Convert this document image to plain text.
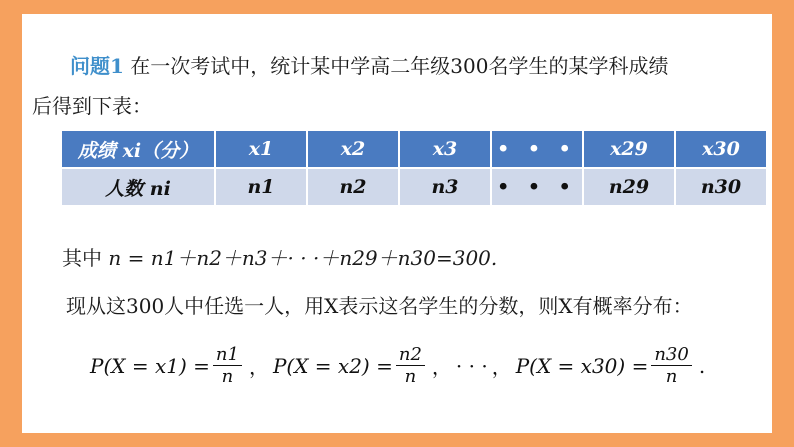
问题1 在一次考试中，统计某中学高二年级300名学生的某学科成绩
后得到下表：
成绩 xi（分）	x1	x2	x3	• • •	x29	x30
人数 ni	n1	n2	n3	• • •	n29	n30
其中 n = n1＋n2＋n3＋· · ·＋n29＋n30=300.
现从这300人中任选一人，用X表示这名学生的分数，则X有概率分布：
$P(X = x1) = \frac{n1}{n}$ ， $P(X = x2) = \frac{n2}{n}$ ， · · · ， $P(X = x30) = \frac{n30}{n}$ .
